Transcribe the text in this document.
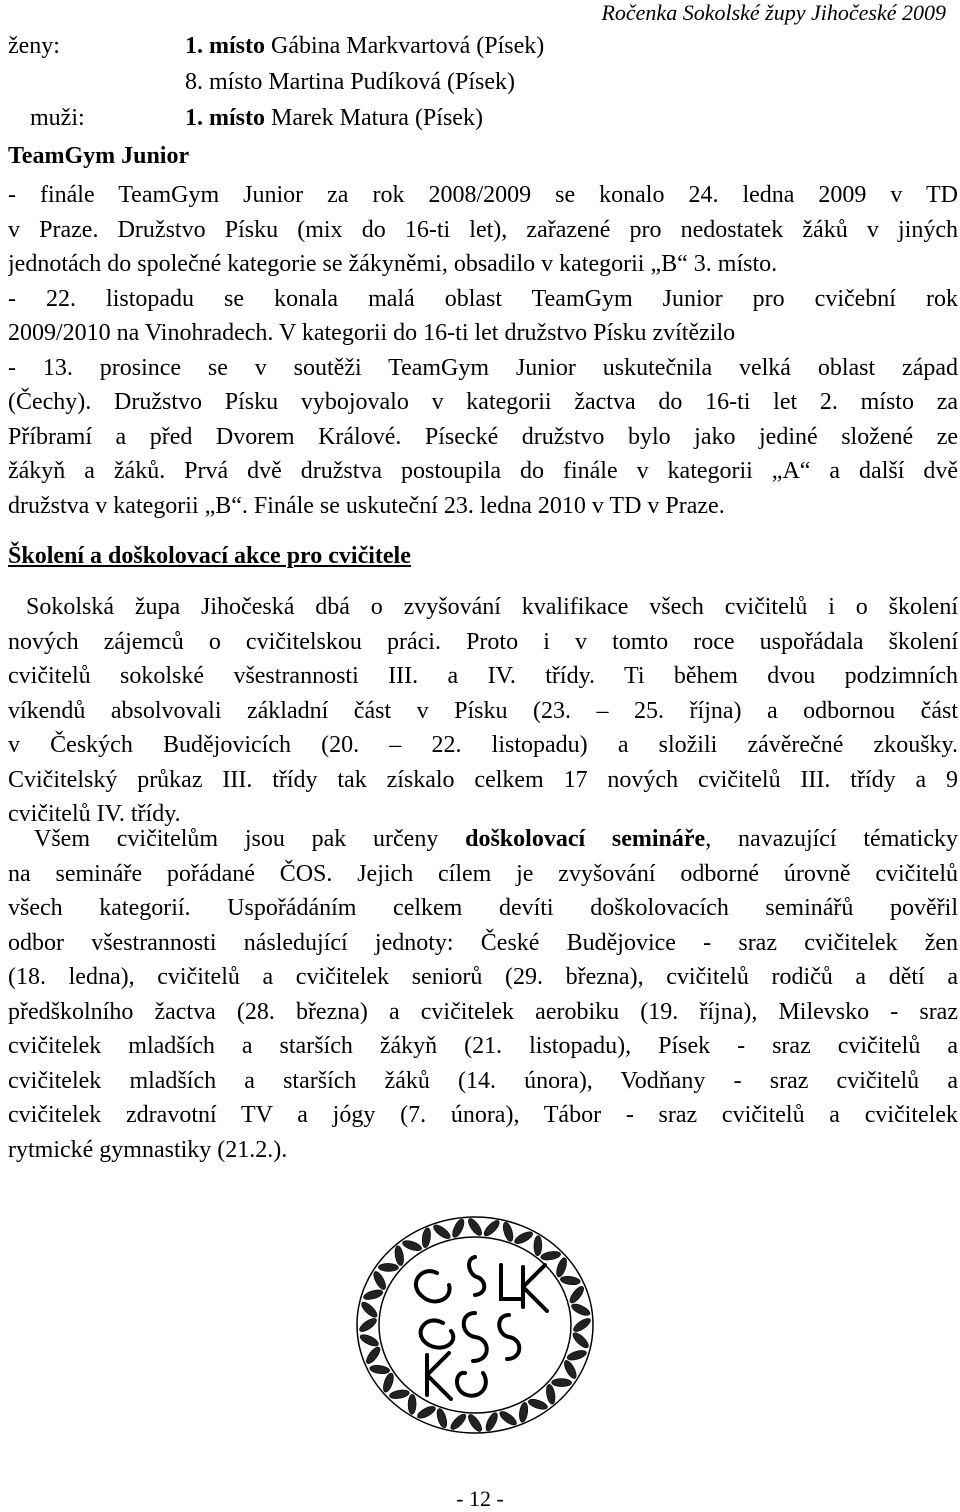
Ročenka Sokolské župy Jihočeské 2009
ženy:	1. místo Gábina Markvartová (Písek)
8. místo Martina Pudíková (Písek)
muži:	1. místo Marek Matura (Písek)
TeamGym Junior
- finále TeamGym Junior za rok 2008/2009 se konalo 24. ledna 2009 v TD
v Praze. Družstvo Písku (mix do 16-ti let), zařazené pro nedostatek žáků v jiných
jednotách do společné kategorie se žákyněmi, obsadilo v kategorii „B“ 3. místo.
- 22. listopadu se konala malá oblast TeamGym Junior pro cvičební rok
2009/2010 na Vinohradech. V kategorii do 16-ti let družstvo Písku zvítězilo
- 13. prosince se v soutěži TeamGym Junior uskutečnila velká oblast západ
(Čechy). Družstvo Písku vybojovalo v kategorii žactva do 16-ti let 2. místo za
Příbramí a před Dvorem Králové. Písecké družstvo bylo jako jediné složené ze
žákyň a žáků. Prvá dvě družstva postoupila do finále v kategorii „A“ a další dvě
družstva v kategorii „B“. Finále se uskuteční 23. ledna 2010 v TD v Praze.
Školení a doškolovací akce pro cvičitele
Sokolská župa Jihočeská dbá o zvyšování kvalifikace všech cvičitelů i o školení
nových zájemců o cvičitelskou práci. Proto i v tomto roce uspořádala školení
cvičitelů sokolské všestrannosti III. a IV. třídy. Ti během dvou podzimních
víkendů absolvovali základní část v Písku (23. – 25. října) a odbornou část
v Českých Budějovicích (20. – 22. listopadu) a složili závěrečné zkoušky.
Cvičitelský průkaz III. třídy tak získalo celkem 17 nových cvičitelů III. třídy a 9
cvičitelů IV. třídy.
Všem cvičitelům jsou pak určeny doškolovací semináře, navazující tématicky
na semináře pořádané ČOS. Jejich cílem je zvyšování odborné úrovně cvičitelů
všech kategorií. Uspořádáním celkem devíti doškolovacích seminářů pověřil
odbor všestrannosti následující jednoty: České Budějovice - sraz cvičitelek žen
(18. ledna), cvičitelů a cvičitelek seniorů (29. března), cvičitelů rodičů a dětí a
předškolního žactva (28. března) a cvičitelek aerobiku (19. října), Milevsko - sraz
cvičitelek mladších a starších žákyň (21. listopadu), Písek - sraz cvičitelů a
cvičitelek mladších a starších žáků (14. února), Vodňany - sraz cvičitelů a
cvičitelek zdravotní TV a jógy (7. února), Tábor - sraz cvičitelů a cvičitelek
rytmické gymnastiky (21.2.).
- 12 -
